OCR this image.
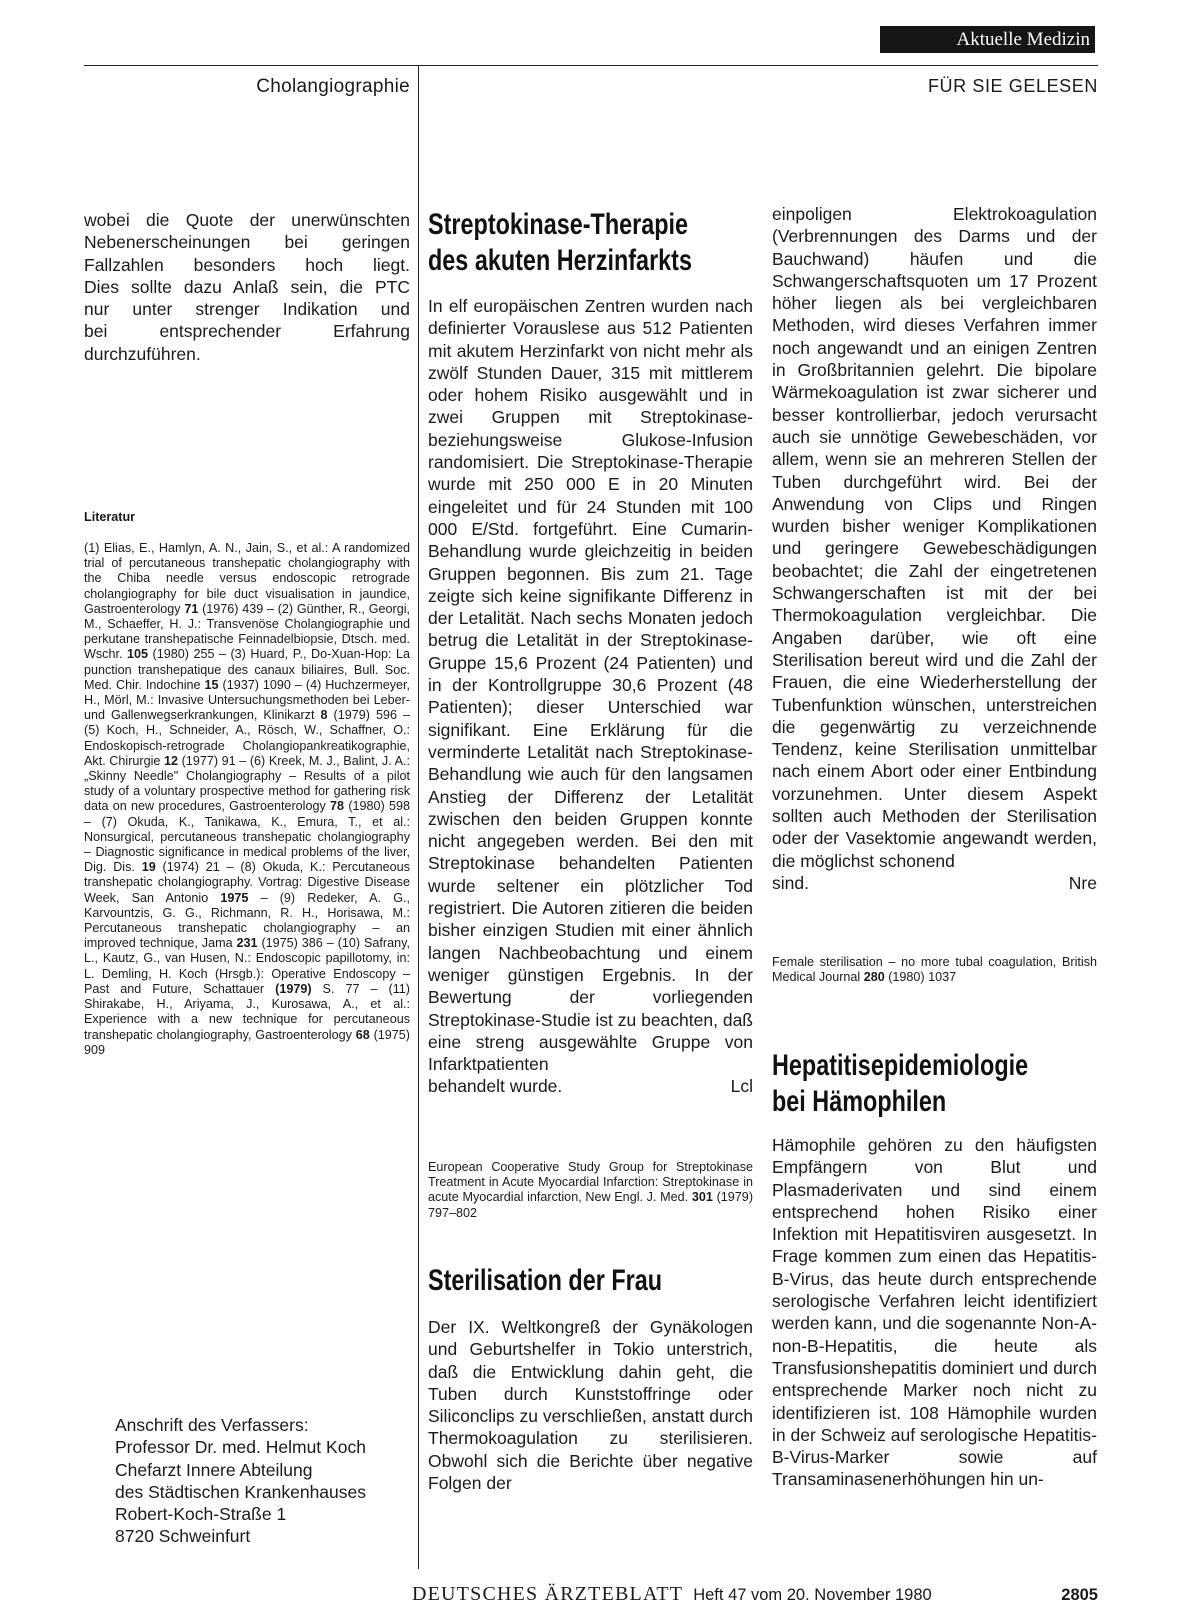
Aktuelle Medizin
Cholangiographie	FÜR SIE GELESEN

wobei die Quote der unerwünschten

Nebenerscheinungen bei geringen

Fallzahlen besonders hoch liegt.

Dies sollte dazu Anlaß sein, die PTC

nur unter strenger Indikation und

bei entsprechender Erfahrung

durchzuführen.

Literatur
(1) Elias, E., Hamlyn, A. N., Jain, S., et al.: A randomized trial of percutaneous transhepatic cholangiography with the Chiba needle versus endoscopic retrograde cholangiography for bile duct visualisation in jaundice, Gastroenterology 71 (1976) 439 – (2) Günther, R., Georgi, M., Schaeffer, H. J.: Transvenöse Cholangiographie und perkutane transhepatische Feinnadelbiopsie, Dtsch. med. Wschr. 105 (1980) 255 – (3) Huard, P., Do-Xuan-Hop: La punction transhepatique des canaux biliaires, Bull. Soc. Med. Chir. Indochine 15 (1937) 1090 – (4) Huchzermeyer, H., Mörl, M.: Invasive Untersuchungsmethoden bei Leber- und Gallenwegserkrankungen, Klinikarzt 8 (1979) 596 – (5) Koch, H., Schneider, A., Rösch, W., Schaffner, O.: Endoskopisch-retrograde Cholangiopankreatikographie, Akt. Chirurgie 12 (1977) 91 – (6) Kreek, M. J., Balint, J. A.: „Skinny Needle" Cholangiography – Results of a pilot study of a voluntary prospective method for gathering risk data on new procedures, Gastroenterology 78 (1980) 598 – (7) Okuda, K., Tanikawa, K., Emura, T., et al.: Nonsurgical, percutaneous transhepatic cholangiography – Diagnostic significance in medical problems of the liver, Dig. Dis. 19 (1974) 21 – (8) Okuda, K.: Percutaneous transhepatic cholangiography. Vortrag: Digestive Disease Week, San Antonio 1975 – (9) Redeker, A. G., Karvountzis, G. G., Richmann, R. H., Horisawa, M.: Percutaneous transhepatic cholangiography – an improved technique, Jama 231 (1975) 386 – (10) Safrany, L., Kautz, G., van Husen, N.: Endoscopic papillotomy, in: L. Demling, H. Koch (Hrsgb.): Operative Endoscopy – Past and Future, Schattauer (1979) S. 77 – (11) Shirakabe, H., Ariyama, J., Kurosawa, A., et al.: Experience with a new technique for percutaneous transhepatic cholangiography, Gastroenterology 68 (1975) 909
Anschrift des Verfassers:
Professor Dr. med. Helmut Koch
Chefarzt Innere Abteilung
des Städtischen Krankenhauses
Robert-Koch-Straße 1
8720 Schweinfurt
Streptokinase-Therapie
des akuten Herzinfarkts

In elf europäischen Zentren wurden nach definierter Vorauslese aus 512 Patienten mit akutem Herzinfarkt von nicht mehr als zwölf Stunden Dauer, 315 mit mittlerem oder hohem Risiko ausgewählt und in zwei Gruppen mit Streptokinase- beziehungsweise Glukose-Infusion randomisiert. Die Streptokinase-Therapie wurde mit 250 000 E in 20 Minuten eingeleitet und für 24 Stunden mit 100 000 E/Std. fortgeführt. Eine Cumarin-Behandlung wurde gleichzeitig in beiden Gruppen begonnen. Bis zum 21. Tage zeigte sich keine signifikante Differenz in der Letalität. Nach sechs Monaten jedoch betrug die Letalität in der Streptokinase-Gruppe 15,6 Prozent (24 Patienten) und in der Kontrollgruppe 30,6 Prozent (48 Patienten); dieser Unterschied war signifikant. Eine Erklärung für die verminderte Letalität nach Streptokinase-Behandlung wie auch für den langsamen Anstieg der Differenz der Letalität zwischen den beiden Gruppen konnte nicht angegeben werden. Bei den mit Streptokinase behandelten Patienten wurde seltener ein plötzlicher Tod registriert. Die Autoren zitieren die beiden bisher einzigen Studien mit einer ähnlich langen Nachbeobachtung und einem weniger günstigen Ergebnis. In der Bewertung der vorliegenden Streptokinase-Studie ist zu beachten, daß eine streng ausgewählte Gruppe von Infarktpatienten

behandelt wurde.	Lcl
European Cooperative Study Group for Streptokinase Treatment in Acute Myocardial Infarction: Streptokinase in acute Myocardial infarction, New Engl. J. Med. 301 (1979) 797–802
Sterilisation der Frau

Der IX. Weltkongreß der Gynäkologen und Geburtshelfer in Tokio unterstrich, daß die Entwicklung dahin geht, die Tuben durch Kunststoffringe oder Siliconclips zu verschließen, anstatt durch Thermokoagulation zu sterilisieren. Obwohl sich die Berichte über negative Folgen der

einpoligen Elektrokoagulation (Verbrennungen des Darms und der Bauchwand) häufen und die Schwangerschaftsquoten um 17 Prozent höher liegen als bei vergleichbaren Methoden, wird dieses Verfahren immer noch angewandt und an einigen Zentren in Großbritannien gelehrt. Die bipolare Wärmekoagulation ist zwar sicherer und besser kontrollierbar, jedoch verursacht auch sie unnötige Gewebeschäden, vor allem, wenn sie an mehreren Stellen der Tuben durchgeführt wird. Bei der Anwendung von Clips und Ringen wurden bisher weniger Komplikationen und geringere Gewebeschädigungen beobachtet; die Zahl der eingetretenen Schwangerschaften ist mit der bei Thermokoagulation vergleichbar. Die Angaben darüber, wie oft eine Sterilisation bereut wird und die Zahl der Frauen, die eine Wiederherstellung der Tubenfunktion wünschen, unterstreichen die gegenwärtig zu verzeichnende Tendenz, keine Sterilisation unmittelbar nach einem Abort oder einer Entbindung vorzunehmen. Unter diesem Aspekt sollten auch Methoden der Sterilisation oder der Vasektomie angewandt werden, die möglichst schonend

sind.	Nre
Female sterilisation – no more tubal coagulation, British Medical Journal 280 (1980) 1037
Hepatitisepidemiologie
bei Hämophilen

Hämophile gehören zu den häufigsten Empfängern von Blut und Plasmaderivaten und sind einem entsprechend hohen Risiko einer Infektion mit Hepatitisviren ausgesetzt. In Frage kommen zum einen das Hepatitis-B-Virus, das heute durch entsprechende serologische Verfahren leicht identifiziert werden kann, und die sogenannte Non-A-non-B-Hepatitis, die heute als Transfusionshepatitis dominiert und durch entsprechende Marker noch nicht zu identifizieren ist. 108 Hämophile wurden in der Schweiz auf serologische Hepatitis-B-Virus-Marker sowie auf Transaminasenerhöhungen hin un-

DEUTSCHES ÄRZTEBLATT Heft 47 vom 20. November 1980	2805
